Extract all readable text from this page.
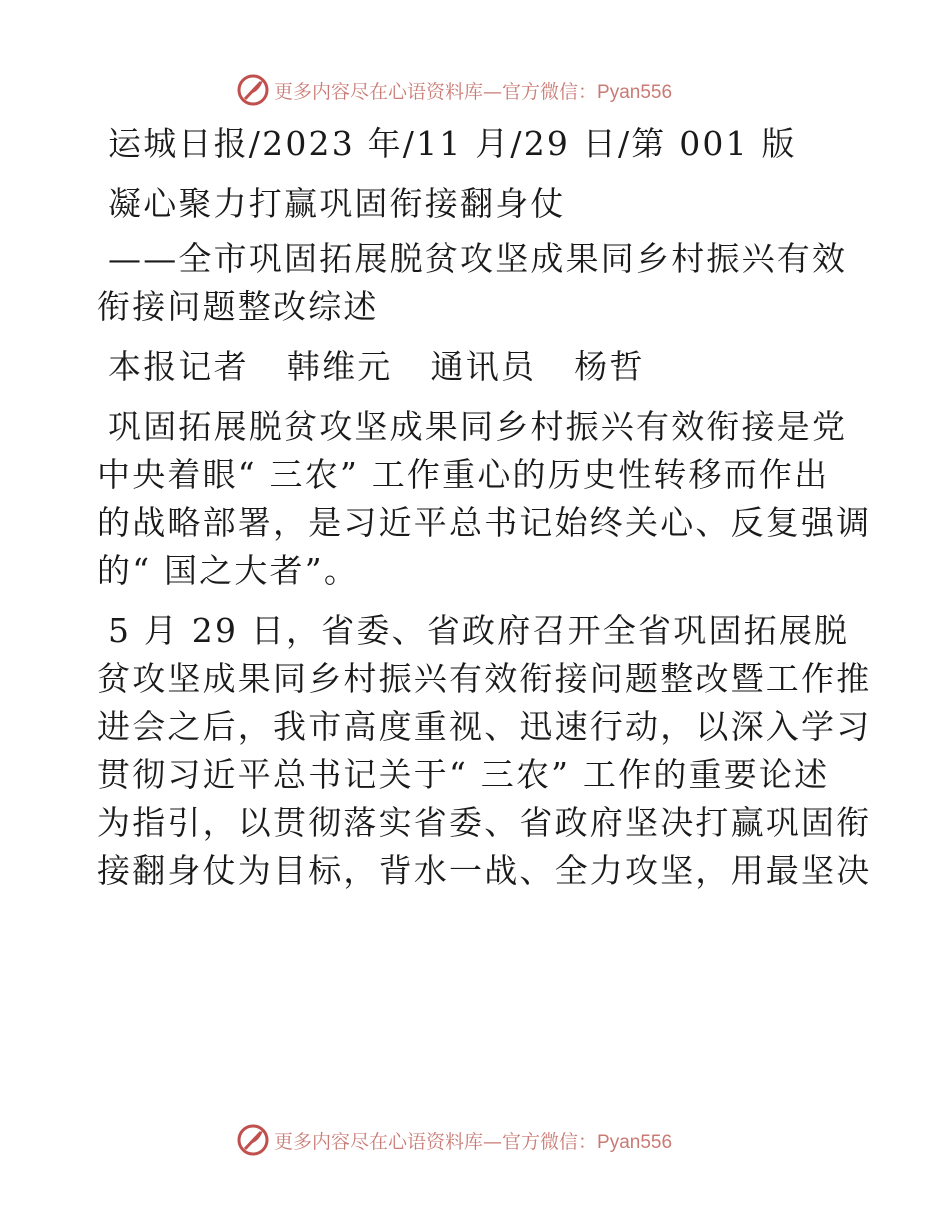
更多内容尽在心语资料库—官方微信：Pyan556
运城日报/2023 年/11 月/29 日/第 001 版
凝心聚力打赢巩固衔接翻身仗
——全市巩固拓展脱贫攻坚成果同乡村振兴有效
衔接问题整改综述
本报记者   韩维元   通讯员   杨哲
巩固拓展脱贫攻坚成果同乡村振兴有效衔接是党
中央着眼“ 三农” 工作重心的历史性转移而作出
的战略部署，是习近平总书记始终关心、反复强调
的“ 国之大者”。
5 月 29 日，省委、省政府召开全省巩固拓展脱
贫攻坚成果同乡村振兴有效衔接问题整改暨工作推
进会之后，我市高度重视、迅速行动，以深入学习
贯彻习近平总书记关于“ 三农” 工作的重要论述
为指引，以贯彻落实省委、省政府坚决打赢巩固衔
接翻身仗为目标，背水一战、全力攻坚，用最坚决
更多内容尽在心语资料库—官方微信：Pyan556
